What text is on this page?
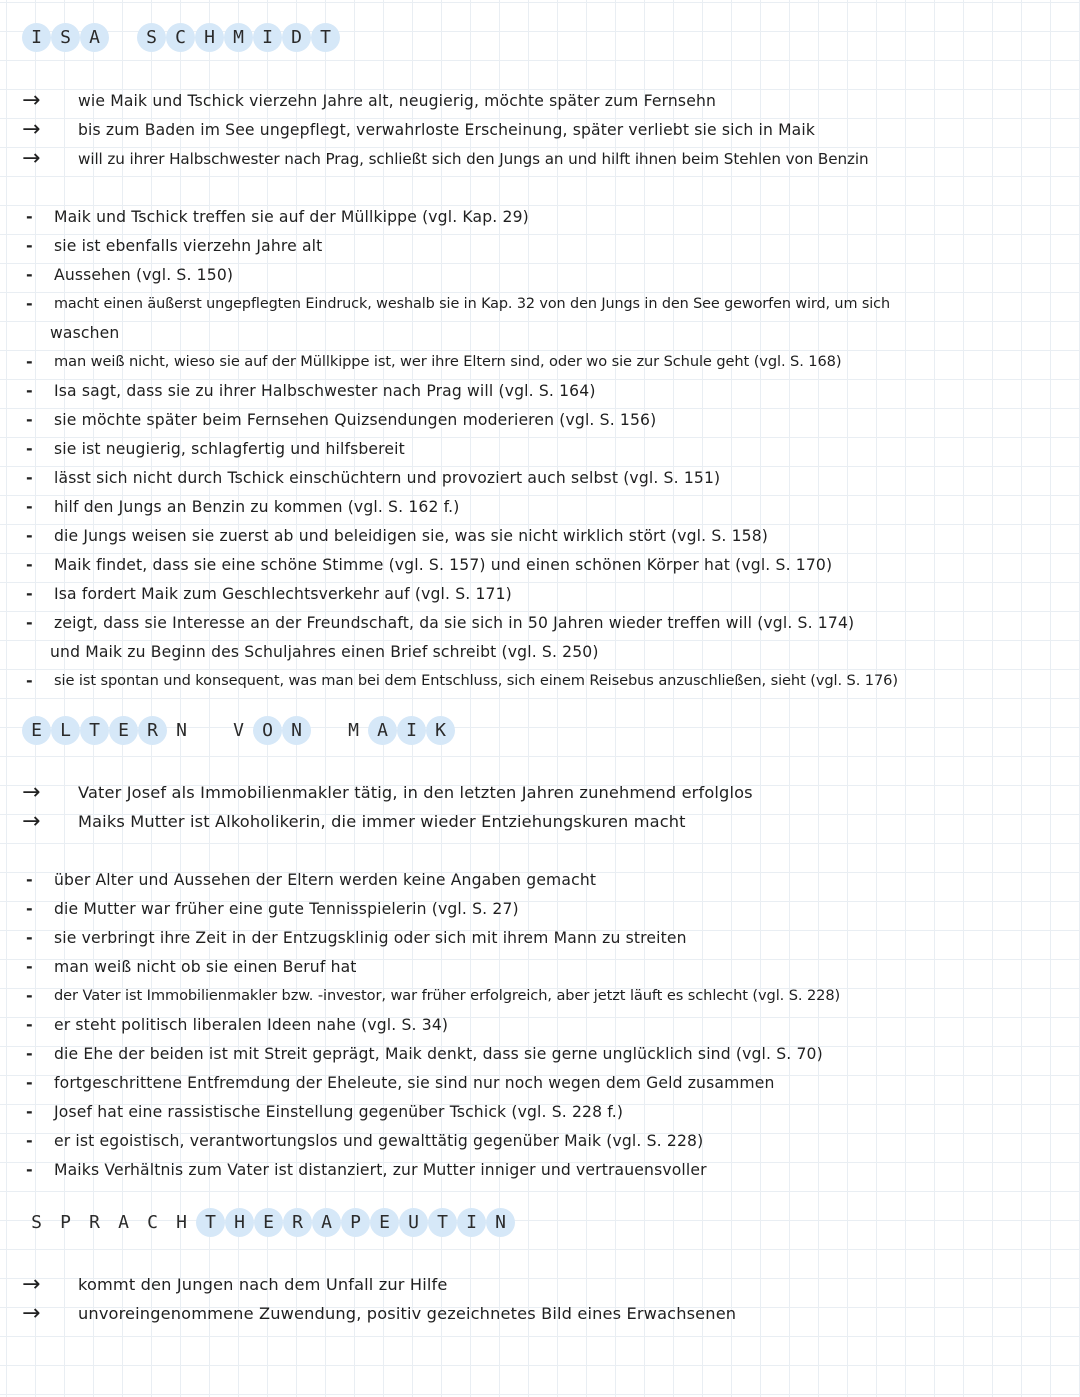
I	S	A	S	C	H	M	I	D	T
→	wie Maik und Tschick vierzehn Jahre alt, neugierig, möchte später zum Fernsehn
→	bis zum Baden im See ungepflegt, verwahrloste Erscheinung, später verliebt sie sich in Maik
→	will zu ihrer Halbschwester nach Prag, schließt sich den Jungs an und hilft ihnen beim Stehlen von Benzin
-	Maik und Tschick treffen sie auf der Müllkippe (vgl. Kap. 29)
-	sie ist ebenfalls vierzehn Jahre alt
-	Aussehen (vgl. S. 150)
-	macht einen äußerst ungepflegten Eindruck, weshalb sie in Kap. 32 von den Jungs in den See geworfen wird, um sich
waschen
-	man weiß nicht, wieso sie auf der Müllkippe ist, wer ihre Eltern sind, oder wo sie zur Schule geht (vgl. S. 168)
-	Isa sagt, dass sie zu ihrer Halbschwester nach Prag will (vgl. S. 164)
-	sie möchte später beim Fernsehen Quizsendungen moderieren (vgl. S. 156)
-	sie ist neugierig, schlagfertig und hilfsbereit
-	lässt sich nicht durch Tschick einschüchtern und provoziert auch selbst (vgl. S. 151)
-	hilf den Jungs an Benzin zu kommen (vgl. S. 162 f.)
-	die Jungs weisen sie zuerst ab und beleidigen sie, was sie nicht wirklich stört (vgl. S. 158)
-	Maik findet, dass sie eine schöne Stimme (vgl. S. 157) und einen schönen Körper hat (vgl. S. 170)
-	Isa fordert Maik zum Geschlechtsverkehr auf (vgl. S. 171)
-	zeigt, dass sie Interesse an der Freundschaft, da sie sich in 50 Jahren wieder treffen will (vgl. S. 174)
und Maik zu Beginn des Schuljahres einen Brief schreibt (vgl. S. 250)
-	sie ist spontan und konsequent, was man bei dem Entschluss, sich einem Reisebus anzuschließen, sieht (vgl. S. 176)
E	L	T	E	R	N	V	O	N	M	A	I	K
→	Vater Josef als Immobilienmakler tätig, in den letzten Jahren zunehmend erfolglos
→	Maiks Mutter ist Alkoholikerin, die immer wieder Entziehungskuren macht
-	über Alter und Aussehen der Eltern werden keine Angaben gemacht
-	die Mutter war früher eine gute Tennisspielerin (vgl. S. 27)
-	sie verbringt ihre Zeit in der Entzugsklinig oder sich mit ihrem Mann zu streiten
-	man weiß nicht ob sie einen Beruf hat
-	der Vater ist Immobilienmakler bzw. -investor, war früher erfolgreich, aber jetzt läuft es schlecht (vgl. S. 228)
-	er steht politisch liberalen Ideen nahe (vgl. S. 34)
-	die Ehe der beiden ist mit Streit geprägt, Maik denkt, dass sie gerne unglücklich sind (vgl. S. 70)
-	fortgeschrittene Entfremdung der Eheleute, sie sind nur noch wegen dem Geld zusammen
-	Josef hat eine rassistische Einstellung gegenüber Tschick (vgl. S. 228 f.)
-	er ist egoistisch, verantwortungslos und gewalttätig gegenüber Maik (vgl. S. 228)
-	Maiks Verhältnis zum Vater ist distanziert, zur Mutter inniger und vertrauensvoller
S	P	R	A	C	H	T	H	E	R	A	P	E	U	T	I	N
→	kommt den Jungen nach dem Unfall zur Hilfe
→	unvoreingenommene Zuwendung, positiv gezeichnetes Bild eines Erwachsenen
